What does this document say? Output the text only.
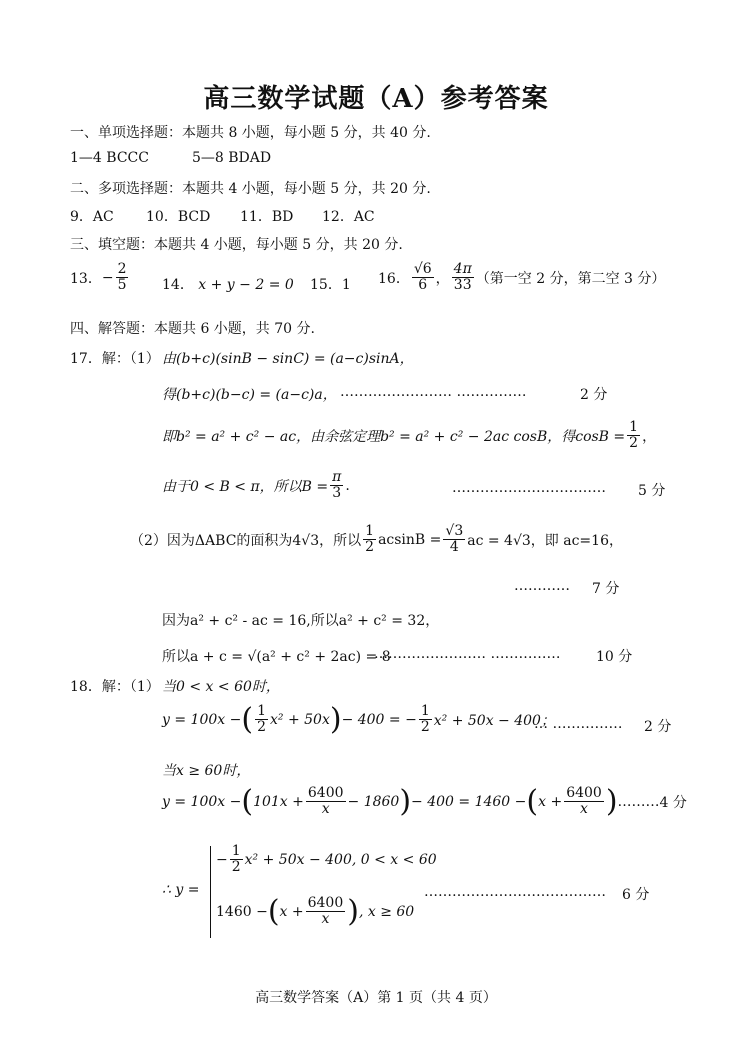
高三数学试题（A）参考答案
一、单项选择题：本题共 8 小题，每小题 5 分，共 40 分.
1—4 BCCC	5—8 BDAD
二、多项选择题：本题共 4 小题，每小题 5 分，共 20 分.
9．AC 10．BCD 11．BD 12．AC
三、填空题：本题共 4 小题，每小题 5 分，共 20 分.
13． − $\frac{2}{5} 14$． x + y − 2 = 0 15．1 16． $\frac{√6}{6}$ ， $\frac{4\pi}{33}$ （第一空 2 分，第二空 3 分）
四、解答题：本题共 6 小题，共 70 分.
17．解：（1） 由(b+c)(sinB − sinC) = (a−c)sinA，
得(b+c)(b−c) = (a−c)a， …………………… ……………	2 分
即b² = a² + c² − ac，由余弦定理b² = a² + c² − 2ac cosB，得$\cos B = \frac{1}{2}$ ，
由于0 < B < π，所以$B = \frac{\pi}{3}$ .	…………………………… 5 分
（2） 因为ΔABC的面积为4√3，所以 $\frac{1}{2}$ $acsinB = \frac{√3}{4}$ ac = 4√3，即 ac=16，
………… 7 分
因为a² + c² - ac = 16,所以a² + c² = 32，
所以a + c = √(a² + c² + 2ac) = 8
…………………… ……………	10 分
18．解：（1） 当0 < x < 60时，
y = 100x − ( $\frac{1}{2} x^2 + 50x$ ) − 400 = − $\frac{1}{2} x^2 + 50x - 400$；
… …………… 2 分
当x ≥ 60时，
y = 100x − ( $101x + \frac{6400}{x} - 1860$ ) − 400 = 1460 − ( $x + \frac{6400}{x}$ ) ……… 4 分
∴ y =
− $\frac{1}{2} x^2 + 50x - 400$, 0 < x < 60
1460 − ( $x + \frac{6400}{x}$ ) , x ≥ 60
………………………………… 6 分
高三数学答案（A）第 1 页（共 4 页）
